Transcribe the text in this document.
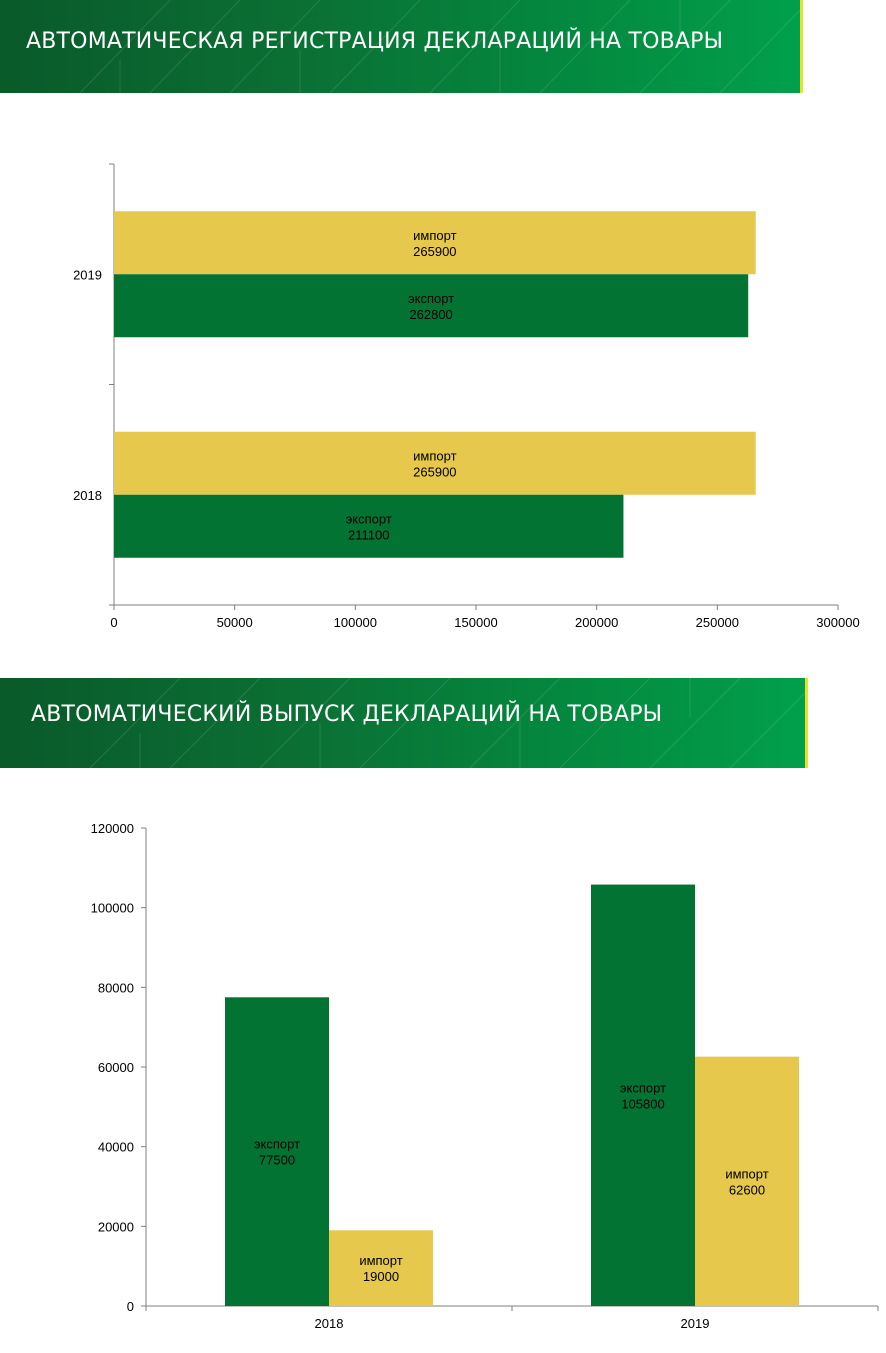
АВТОМАТИЧЕСКАЯ РЕГИСТРАЦИЯ ДЕКЛАРАЦИЙ НА ТОВАРЫ
0	50000	100000	150000	200000	250000	300000
2018
импорт
265900
экспорт
211100
2019
импорт
265900
экспорт
262800
АВТОМАТИЧЕСКИЙ ВЫПУСК ДЕКЛАРАЦИЙ НА ТОВАРЫ
0
20000
40000
60000
80000
100000
120000
2018
экспорт
77500
импорт
19000
2019
экспорт
105800
импорт
62600
